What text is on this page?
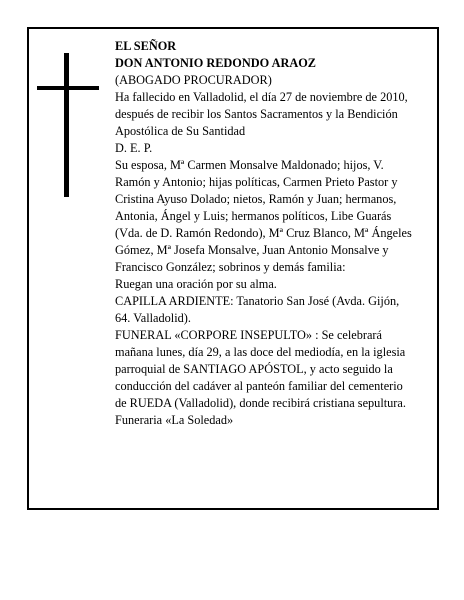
EL SEÑOR

DON ANTONIO REDONDO ARAOZ

(ABOGADO PROCURADOR)

Ha fallecido en Valladolid, el día 27 de noviembre de 2010, después de recibir los Santos Sacramentos y la Bendición Apostólica de Su Santidad

D. E. P.

Su esposa, Mª Carmen Monsalve Maldonado; hijos, V. Ramón y Antonio; hijas políticas, Carmen Prieto Pastor y Cristina Ayuso Dolado; nietos, Ramón y Juan; hermanos, Antonia, Ángel y Luis; hermanos políticos, Libe Guarás (Vda. de D. Ramón Redondo), Mª Cruz Blanco, Mª Ángeles Gómez, Mª Josefa Monsalve, Juan Antonio Monsalve y Francisco González; sobrinos y demás familia:

Ruegan una oración por su alma.

CAPILLA ARDIENTE: Tanatorio San José (Avda. Gijón, 64. Valladolid).

FUNERAL «CORPORE INSEPULTO» : Se celebrará mañana lunes, día 29, a las doce del mediodía, en la iglesia parroquial de SANTIAGO APÓSTOL, y acto seguido la conducción del cadáver al panteón familiar del cementerio de RUEDA (Valladolid), donde recibirá cristiana sepultura.

Funeraria «La Soledad»
